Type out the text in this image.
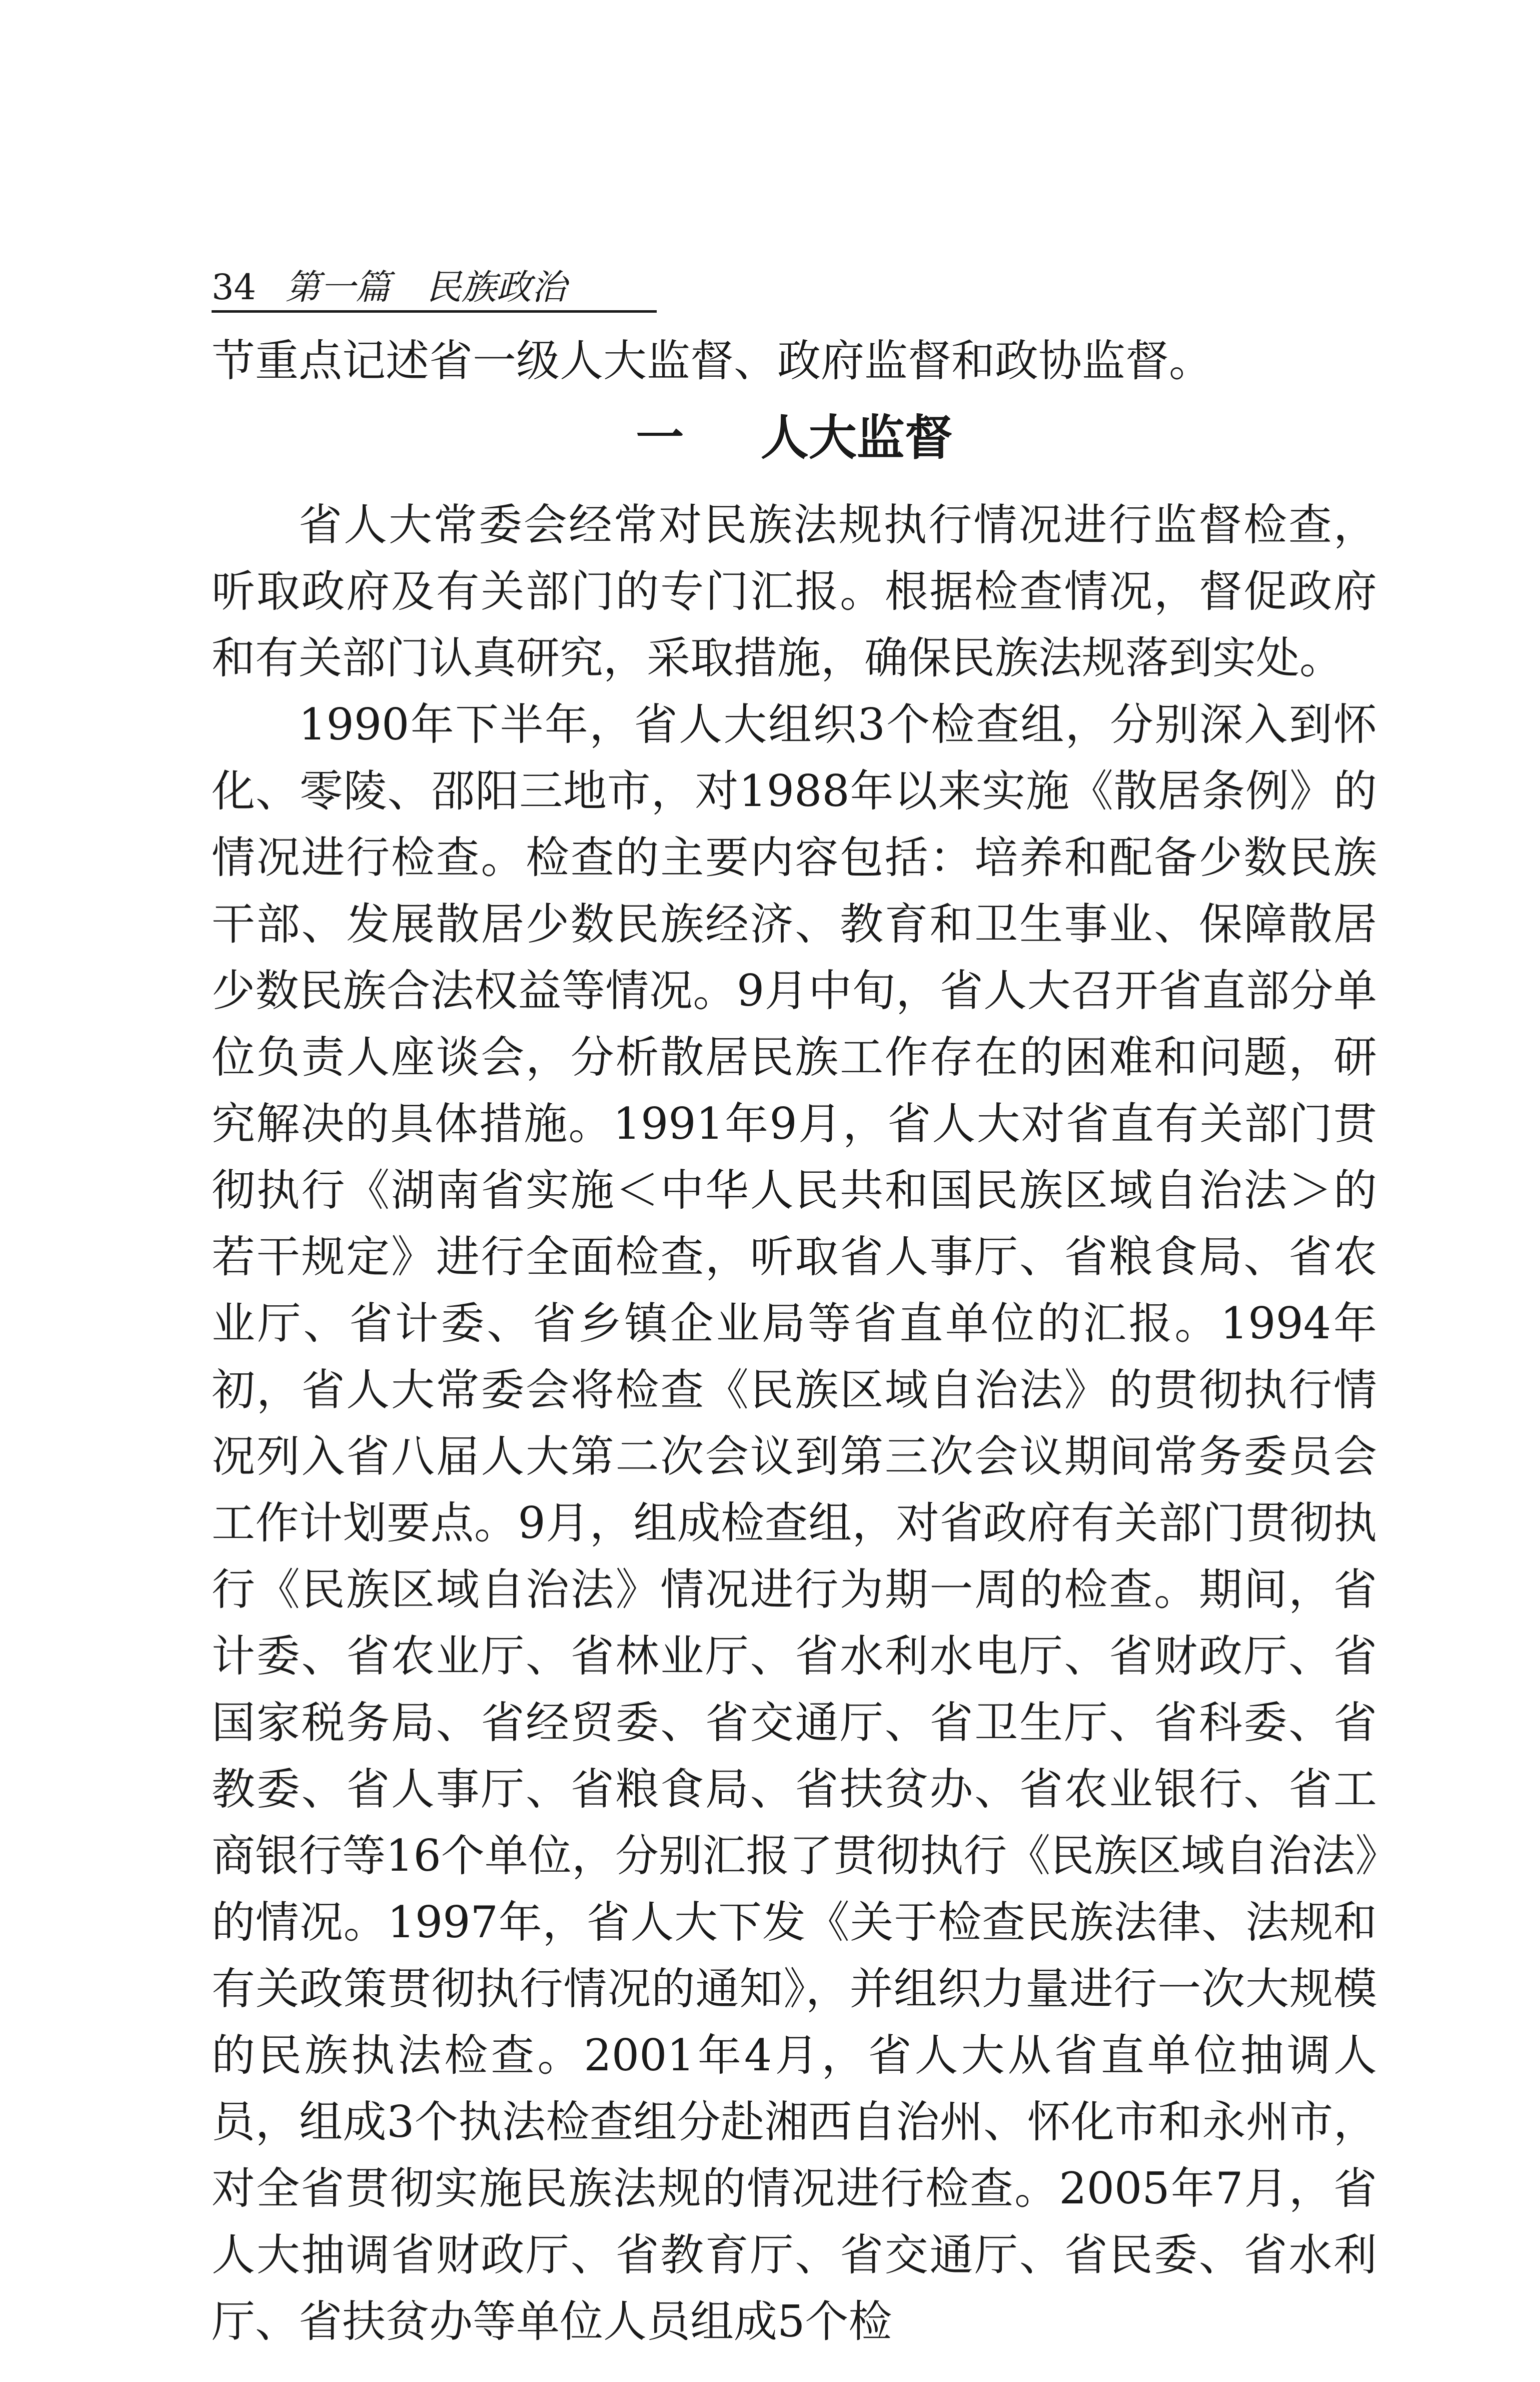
34 第一篇 民族政治

节重点记述省一级人大监督、政府监督和政协监督。

一 人大监督

省人大常委会经常对民族法规执行情况进行监督检查，听取政府及有关部门的专门汇报。根据检查情况，督促政府和有关部门认真研究，采取措施，确保民族法规落到实处。

1990年下半年，省人大组织3个检查组，分别深入到怀化、零陵、邵阳三地市，对1988年以来实施《散居条例》的情况进行检查。检查的主要内容包括：培养和配备少数民族干部、发展散居少数民族经济、教育和卫生事业、保障散居少数民族合法权益等情况。9月中旬，省人大召开省直部分单位负责人座谈会，分析散居民族工作存在的困难和问题，研究解决的具体措施。1991年9月，省人大对省直有关部门贯彻执行《湖南省实施＜中华人民共和国民族区域自治法＞的若干规定》进行全面检查，听取省人事厅、省粮食局、省农业厅、省计委、省乡镇企业局等省直单位的汇报。1994年初，省人大常委会将检查《民族区域自治法》的贯彻执行情况列入省八届人大第二次会议到第三次会议期间常务委员会工作计划要点。9月，组成检查组，对省政府有关部门贯彻执行《民族区域自治法》情况进行为期一周的检查。期间，省计委、省农业厅、省林业厅、省水利水电厅、省财政厅、省国家税务局、省经贸委、省交通厅、省卫生厅、省科委、省教委、省人事厅、省粮食局、省扶贫办、省农业银行、省工商银行等16个单位，分别汇报了贯彻执行《民族区域自治法》的情况。1997年，省人大下发《关于检查民族法律、法规和有关政策贯彻执行情况的通知》，并组织力量进行一次大规模的民族执法检查。2001年4月，省人大从省直单位抽调人员，组成3个执法检查组分赴湘西自治州、怀化市和永州市，对全省贯彻实施民族法规的情况进行检查。2005年7月，省人大抽调省财政厅、省教育厅、省交通厅、省民委、省水利厅、省扶贫办等单位人员组成5个检
